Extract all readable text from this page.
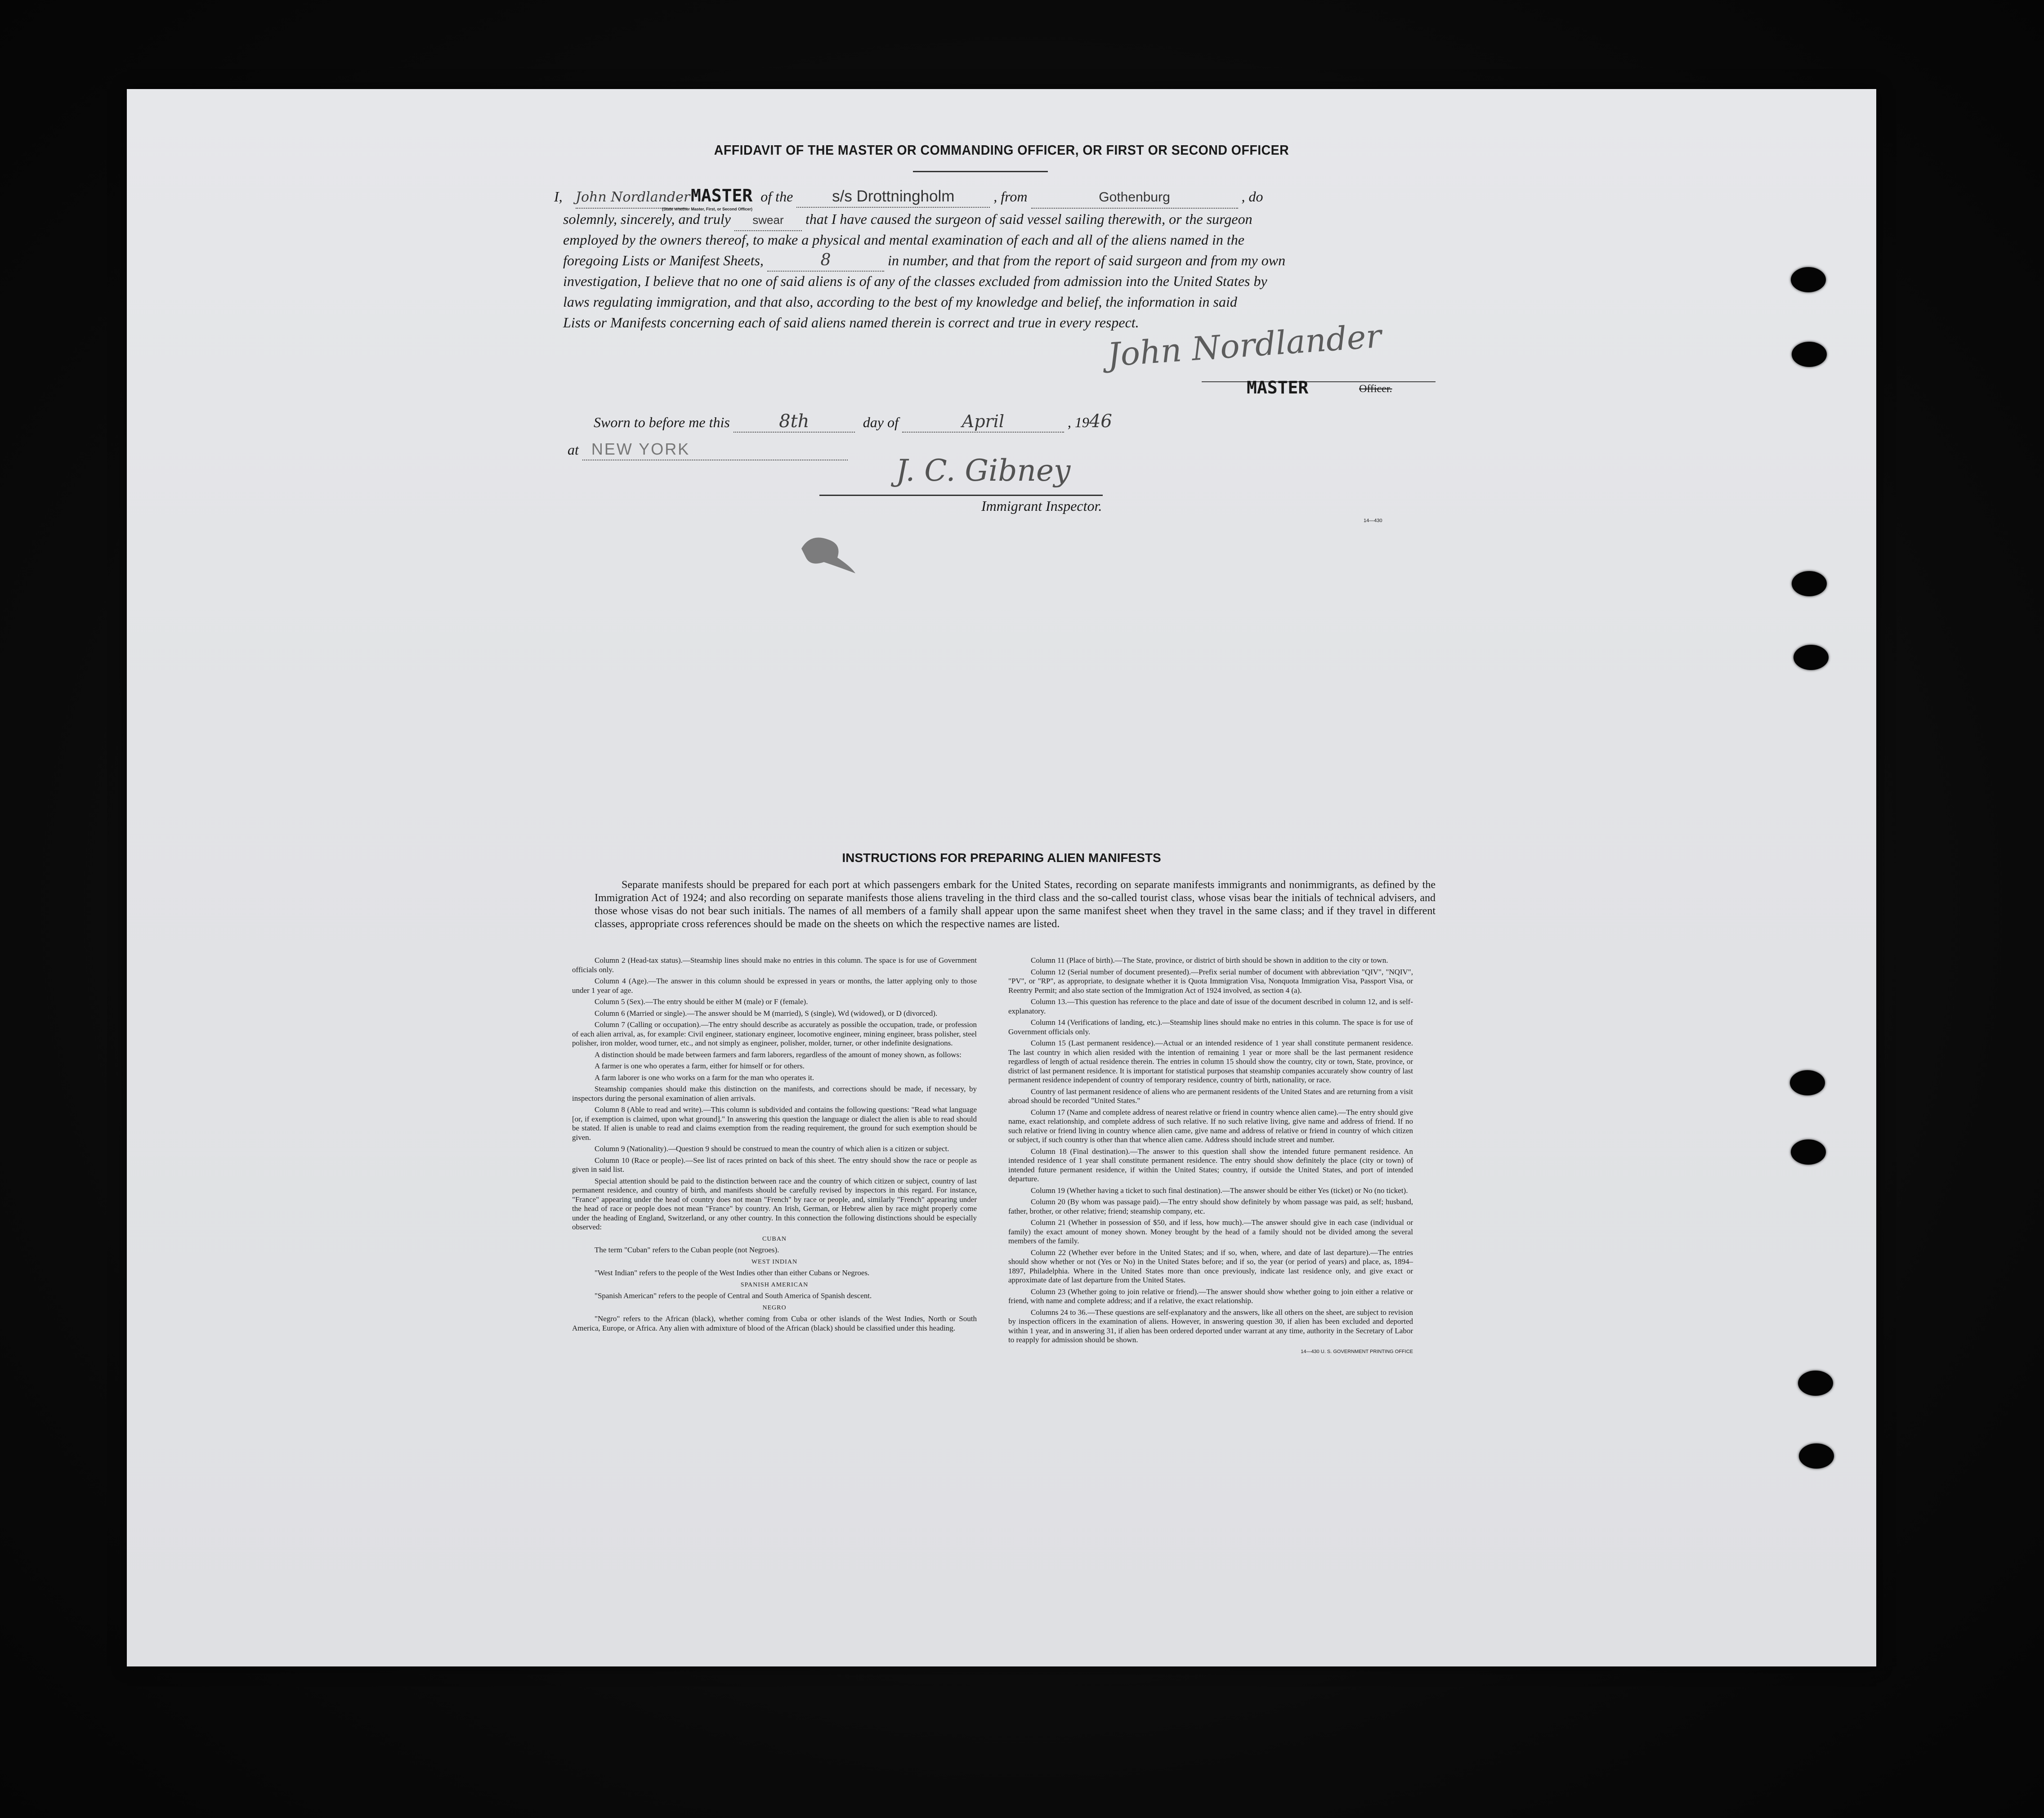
AFFIDAVIT OF THE MASTER OR COMMANDING OFFICER, OR FIRST OR SECOND OFFICER
I, John Nordlander MASTER of the s/s Drottningholm	, from	Gothenburg	, do
(State whether Master, First, or Second Officer)
solemnly, sincerely, and truly swear that I have caused the surgeon of said vessel sailing therewith, or the surgeon
employed by the owners thereof, to make a physical and mental examination of each and all of the aliens named in the
foregoing Lists or Manifest Sheets,	8	in number, and that from the report of said surgeon and from my own
investigation, I believe that no one of said aliens is of any of the classes excluded from admission into the United States by
laws regulating immigration, and that also, according to the best of my knowledge and belief, the information in said
Lists or Manifests concerning each of said aliens named therein is correct and true in every respect.
John Nordlander
MASTER	Officer.
Sworn to before me this	8th	day of	April	, 1946
at NEW YORK
J. C. Gibney
Immigrant Inspector.
14—430
INSTRUCTIONS FOR PREPARING ALIEN MANIFESTS
Separate manifests should be prepared for each port at which passengers embark for the United States, recording on separate manifests immigrants and nonimmigrants, as defined by the Immigration Act of 1924; and also recording on separate manifests those aliens traveling in the third class and the so-called tourist class, whose visas bear the initials of technical advisers, and those whose visas do not bear such initials. The names of all members of a family shall appear upon the same manifest sheet when they travel in the same class; and if they travel in different classes, appropriate cross references should be made on the sheets on which the respective names are listed.

Column 2 (Head-tax status).—Steamship lines should make no entries in this column. The space is for use of Government officials only.

Column 4 (Age).—The answer in this column should be expressed in years or months, the latter applying only to those under 1 year of age.

Column 5 (Sex).—The entry should be either M (male) or F (female).

Column 6 (Married or single).—The answer should be M (married), S (single), Wd (widowed), or D (divorced).

Column 7 (Calling or occupation).—The entry should describe as accurately as possible the occupation, trade, or profession of each alien arrival, as, for example: Civil engineer, stationary engineer, locomotive engineer, mining engineer, brass polisher, steel polisher, iron molder, wood turner, etc., and not simply as engineer, polisher, molder, turner, or other indefinite designations.

A distinction should be made between farmers and farm laborers, regardless of the amount of money shown, as follows:

A farmer is one who operates a farm, either for himself or for others.

A farm laborer is one who works on a farm for the man who operates it.

Steamship companies should make this distinction on the manifests, and corrections should be made, if necessary, by inspectors during the personal examination of alien arrivals.

Column 8 (Able to read and write).—This column is subdivided and contains the following questions: "Read what language [or, if exemption is claimed, upon what ground]." In answering this question the language or dialect the alien is able to read should be stated. If alien is unable to read and claims exemption from the reading requirement, the ground for such exemption should be given.

Column 9 (Nationality).—Question 9 should be construed to mean the country of which alien is a citizen or subject.

Column 10 (Race or people).—See list of races printed on back of this sheet. The entry should show the race or people as given in said list.

Special attention should be paid to the distinction between race and the country of which citizen or subject, country of last permanent residence, and country of birth, and manifests should be carefully revised by inspectors in this regard. For instance, "France" appearing under the head of country does not mean "French" by race or people, and, similarly "French" appearing under the head of race or people does not mean "France" by country. An Irish, German, or Hebrew alien by race might properly come under the heading of England, Switzerland, or any other country. In this connection the following distinctions should be especially observed:

CUBAN

The term "Cuban" refers to the Cuban people (not Negroes).

WEST INDIAN

"West Indian" refers to the people of the West Indies other than either Cubans or Negroes.

SPANISH AMERICAN

"Spanish American" refers to the people of Central and South America of Spanish descent.

NEGRO

"Negro" refers to the African (black), whether coming from Cuba or other islands of the West Indies, North or South America, Europe, or Africa. Any alien with admixture of blood of the African (black) should be classified under this heading.

Column 11 (Place of birth).—The State, province, or district of birth should be shown in addition to the city or town.

Column 12 (Serial number of document presented).—Prefix serial number of document with abbreviation "QIV", "NQIV", "PV", or "RP", as appropriate, to designate whether it is Quota Immigration Visa, Nonquota Immigration Visa, Passport Visa, or Reentry Permit; and also state section of the Immigration Act of 1924 involved, as section 4 (a).

Column 13.—This question has reference to the place and date of issue of the document described in column 12, and is self-explanatory.

Column 14 (Verifications of landing, etc.).—Steamship lines should make no entries in this column. The space is for use of Government officials only.

Column 15 (Last permanent residence).—Actual or an intended residence of 1 year shall constitute permanent residence. The last country in which alien resided with the intention of remaining 1 year or more shall be the last permanent residence regardless of length of actual residence therein. The entries in column 15 should show the country, city or town, State, province, or district of last permanent residence. It is important for statistical purposes that steamship companies accurately show country of last permanent residence independent of country of temporary residence, country of birth, nationality, or race.

Country of last permanent residence of aliens who are permanent residents of the United States and are returning from a visit abroad should be recorded "United States."

Column 17 (Name and complete address of nearest relative or friend in country whence alien came).—The entry should give name, exact relationship, and complete address of such relative. If no such relative living, give name and address of friend. If no such relative or friend living in country whence alien came, give name and address of relative or friend in country of which citizen or subject, if such country is other than that whence alien came. Address should include street and number.

Column 18 (Final destination).—The answer to this question shall show the intended future permanent residence. An intended residence of 1 year shall constitute permanent residence. The entry should show definitely the place (city or town) of intended future permanent residence, if within the United States; country, if outside the United States, and port of intended departure.

Column 19 (Whether having a ticket to such final destination).—The answer should be either Yes (ticket) or No (no ticket).

Column 20 (By whom was passage paid).—The entry should show definitely by whom passage was paid, as self; husband, father, brother, or other relative; friend; steamship company, etc.

Column 21 (Whether in possession of $50, and if less, how much).—The answer should give in each case (individual or family) the exact amount of money shown. Money brought by the head of a family should not be divided among the several members of the family.

Column 22 (Whether ever before in the United States; and if so, when, where, and date of last departure).—The entries should show whether or not (Yes or No) in the United States before; and if so, the year (or period of years) and place, as, 1894–1897, Philadelphia. Where in the United States more than once previously, indicate last residence only, and give exact or approximate date of last departure from the United States.

Column 23 (Whether going to join relative or friend).—The answer should show whether going to join either a relative or friend, with name and complete address; and if a relative, the exact relationship.

Columns 24 to 36.—These questions are self-explanatory and the answers, like all others on the sheet, are subject to revision by inspection officers in the examination of aliens. However, in answering question 30, if alien has been excluded and deported within 1 year, and in answering 31, if alien has been ordered deported under warrant at any time, authority in the Secretary of Labor to reapply for admission should be shown.

14—430 U. S. GOVERNMENT PRINTING OFFICE
